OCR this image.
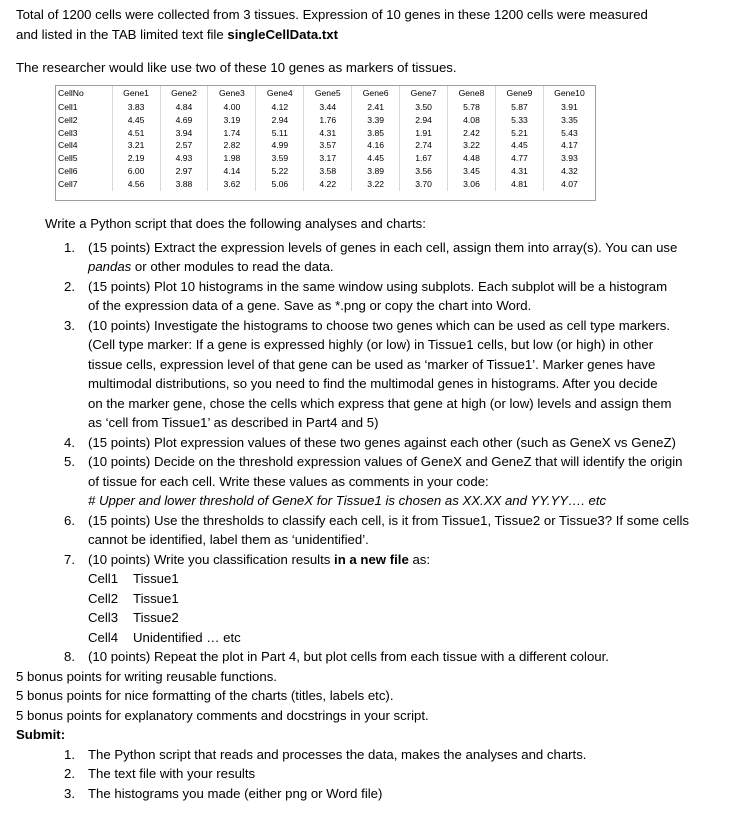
Total of 1200 cells were collected from 3 tissues. Expression of 10 genes in these 1200 cells were measured

and listed in the TAB limited text file singleCellData.txt

The researcher would like use two of these 10 genes as markers of tissues.

CellNo	Gene1	Gene2	Gene3	Gene4	Gene5	Gene6	Gene7	Gene8	Gene9	Gene10
Cell1	3.83	4.84	4.00	4.12	3.44	2.41	3.50	5.78	5.87	3.91
Cell2	4.45	4.69	3.19	2.94	1.76	3.39	2.94	4.08	5.33	3.35
Cell3	4.51	3.94	1.74	5.11	4.31	3.85	1.91	2.42	5.21	5.43
Cell4	3.21	2.57	2.82	4.99	3.57	4.16	2.74	3.22	4.45	4.17
Cell5	2.19	4.93	1.98	3.59	3.17	4.45	1.67	4.48	4.77	3.93
Cell6	6.00	2.97	4.14	5.22	3.58	3.89	3.56	3.45	4.31	4.32
Cell7	4.56	3.88	3.62	5.06	4.22	3.22	3.70	3.06	4.81	4.07

Write a Python script that does the following analyses and charts:

1. (15 points) Extract the expression levels of genes in each cell, assign them into array(s). You can use
pandas or other modules to read the data.
2. (15 points) Plot 10 histograms in the same window using subplots. Each subplot will be a histogram
of the expression data of a gene. Save as *.png or copy the chart into Word.
3. (10 points) Investigate the histograms to choose two genes which can be used as cell type markers.
(Cell type marker: If a gene is expressed highly (or low) in Tissue1 cells, but low (or high) in other
tissue cells, expression level of that gene can be used as ‘marker of Tissue1’. Marker genes have
multimodal distributions, so you need to find the multimodal genes in histograms. After you decide
on the marker gene, chose the cells which express that gene at high (or low) levels and assign them
as ‘cell from Tissue1’ as described in Part4 and 5)
4. (15 points) Plot expression values of these two genes against each other (such as GeneX vs GeneZ)
5. (10 points) Decide on the threshold expression values of GeneX and GeneZ that will identify the origin
of tissue for each cell. Write these values as comments in your code:
# Upper and lower threshold of GeneX for Tissue1 is chosen as XX.XX and YY.YY…. etc
6. (15 points) Use the thresholds to classify each cell, is it from Tissue1, Tissue2 or Tissue3? If some cells
cannot be identified, label them as ‘unidentified’.
7. (10 points) Write you classification results in a new file as:
Cell1 Tissue1
Cell2 Tissue1
Cell3 Tissue2
Cell4 Unidentified … etc
8. (10 points) Repeat the plot in Part 4, but plot cells from each tissue with a different colour.

5 bonus points for writing reusable functions.

5 bonus points for nice formatting of the charts (titles, labels etc).

5 bonus points for explanatory comments and docstrings in your script.

Submit:

1. The Python script that reads and processes the data, makes the analyses and charts.
2. The text file with your results
3. The histograms you made (either png or Word file)
